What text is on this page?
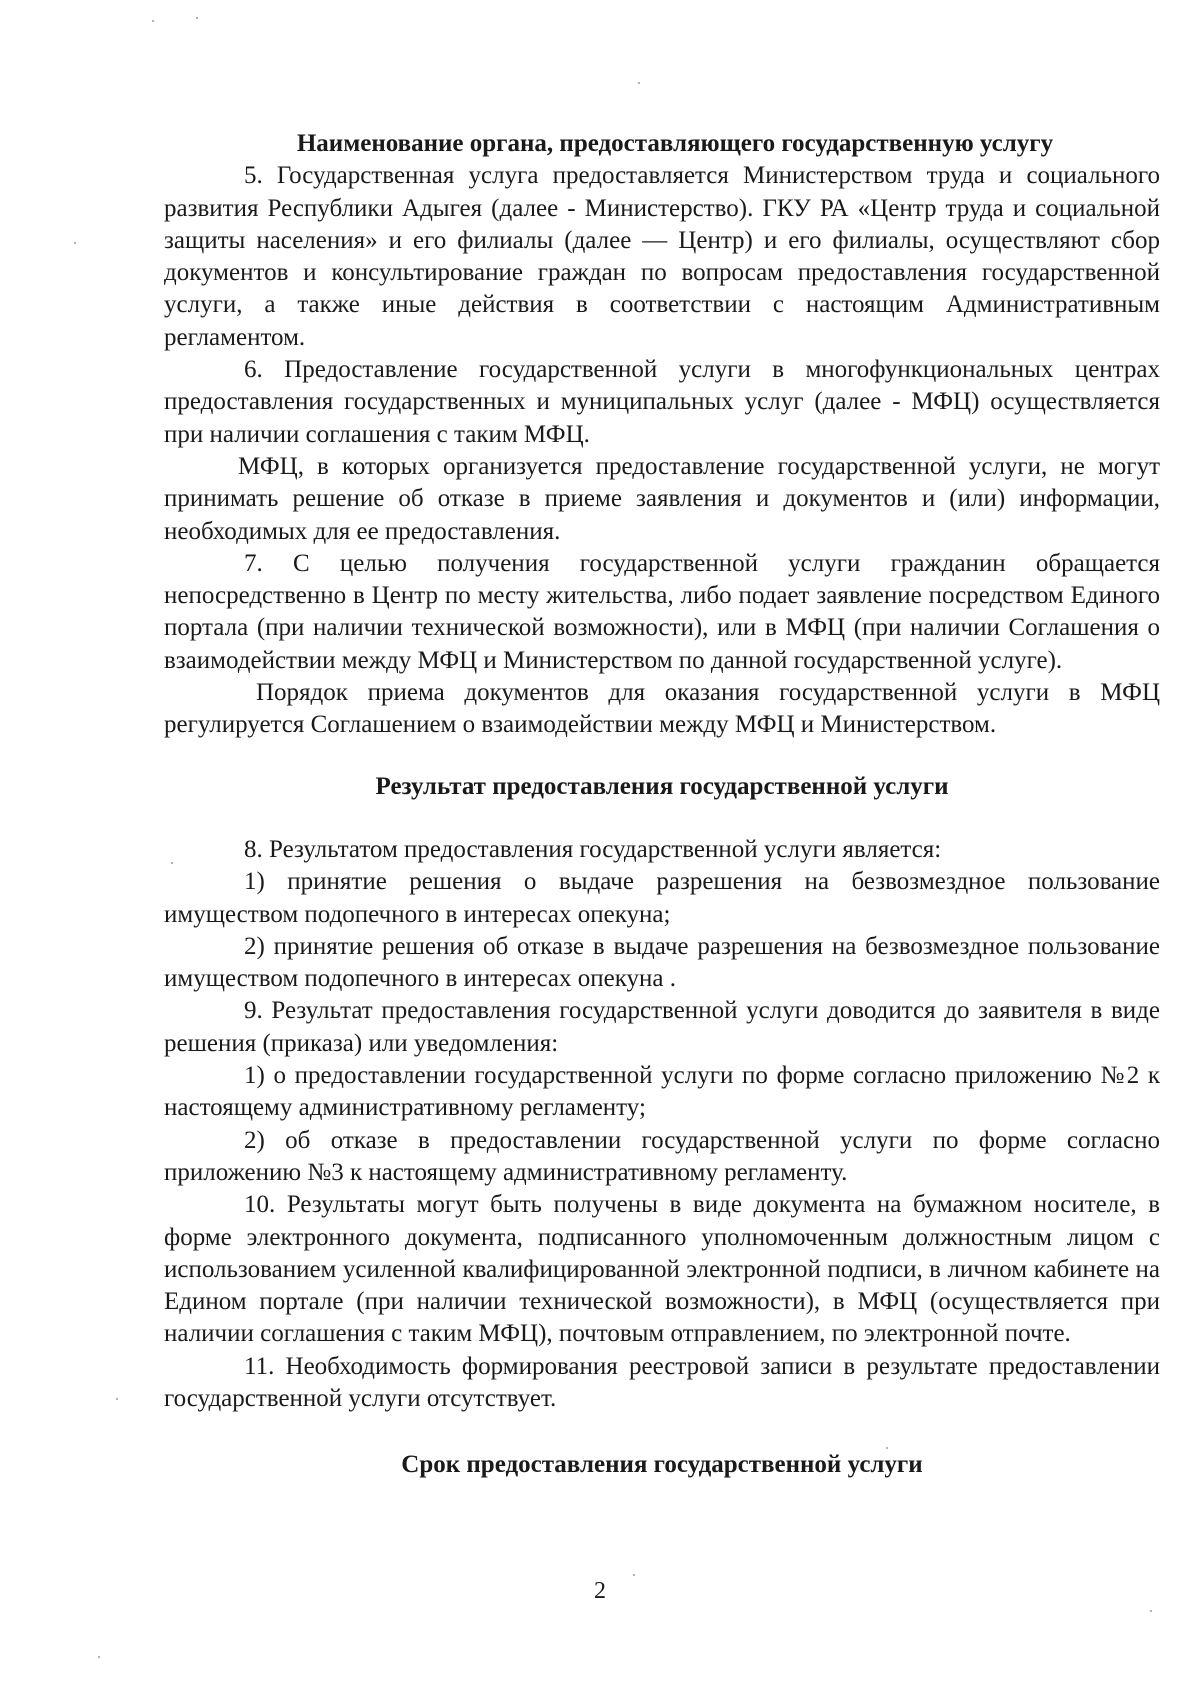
Наименование органа, предоставляющего государственную услугу

5. Государственная услуга предоставляется Министерством труда и социального развития Республики Адыгея (далее - Министерство). ГКУ РА «Центр труда и социальной защиты населения» и его филиалы (далее — Центр) и его филиалы, осуществляют сбор документов и консультирование граждан по вопросам предоставления государственной услуги, а также иные действия в соответствии с настоящим Административным регламентом.

6. Предоставление государственной услуги в многофункциональных центрах предоставления государственных и муниципальных услуг (далее - МФЦ) осуществляется при наличии соглашения с таким МФЦ.

МФЦ, в которых организуется предоставление государственной услуги, не могут принимать решение об отказе в приеме заявления и документов и (или) информации, необходимых для ее предоставления.

7. С целью получения государственной услуги гражданин обращается непосредственно в Центр по месту жительства, либо подает заявление посредством Единого портала (при наличии технической возможности), или в МФЦ (при наличии Соглашения о взаимодействии между МФЦ и Министерством по данной государственной услуге).

Порядок приема документов для оказания государственной услуги в МФЦ регулируется Соглашением о взаимодействии между МФЦ и Министерством.

Результат предоставления государственной услуги

8. Результатом предоставления государственной услуги является:

1) принятие решения о выдаче разрешения на безвозмездное пользование имуществом подопечного в интересах опекуна;

2) принятие решения об отказе в выдаче разрешения на безвозмездное пользование имуществом подопечного в интересах опекуна .

9. Результат предоставления государственной услуги доводится до заявителя в виде решения (приказа) или уведомления:

1) о предоставлении государственной услуги по форме согласно приложению №2 к настоящему административному регламенту;

2) об отказе в предоставлении государственной услуги по форме согласно приложению №3 к настоящему административному регламенту.

10. Результаты могут быть получены в виде документа на бумажном носителе, в форме электронного документа, подписанного уполномоченным должностным лицом с использованием усиленной квалифицированной электронной подписи, в личном кабинете на Едином портале (при наличии технической возможности), в МФЦ (осуществляется при наличии соглашения с таким МФЦ), почтовым отправлением, по электронной почте.

11. Необходимость формирования реестровой записи в результате предоставлении государственной услуги отсутствует.

Срок предоставления государственной услуги

2
